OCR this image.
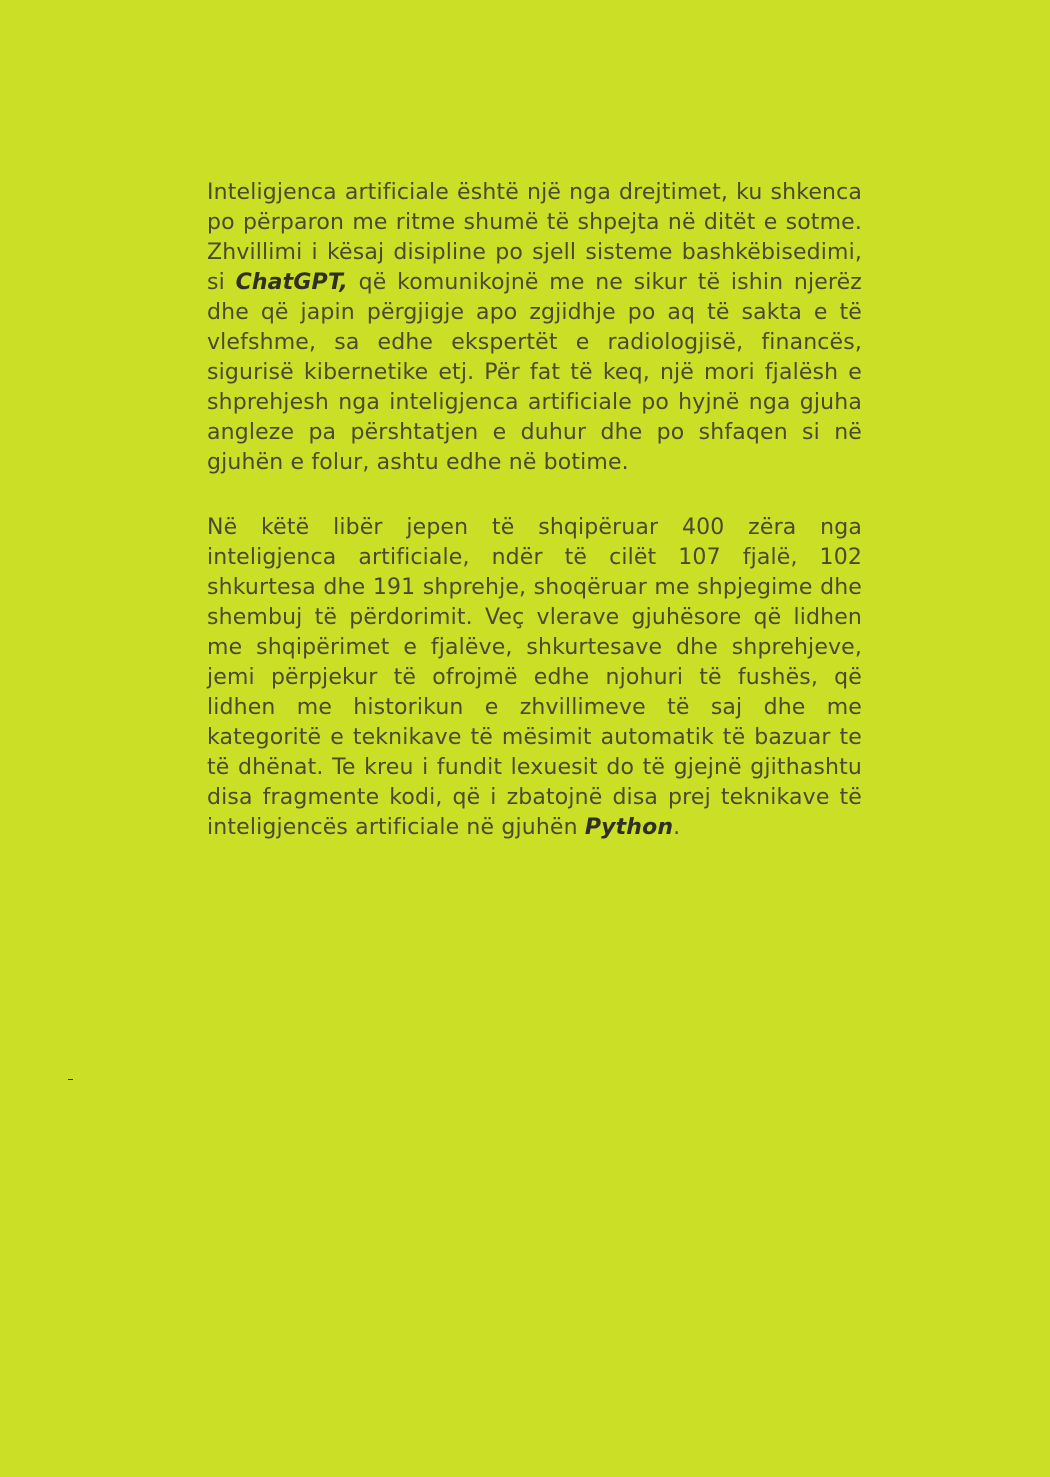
Inteligjenca artificiale është një nga drejtimet, ku shkenca po përparon me ritme shumë të shpejta në ditët e sotme. Zhvillimi i kësaj disipline po sjell sisteme bashkëbisedimi, si ChatGPT, që komunikojnë me ne sikur të ishin njerëz dhe që japin përgjigje apo zgjidhje po aq të sakta e të vlefshme, sa edhe ekspertët e radiologjisë, financës, sigurisë kibernetike etj. Për fat të keq, një mori fjalësh e shprehjesh nga inteligjenca artificiale po hyjnë nga gjuha angleze pa përshtatjen e duhur dhe po shfaqen si në gjuhën e folur, ashtu edhe në botime.

Në këtë libër jepen të shqipëruar 400 zëra nga inteligjenca artificiale, ndër të cilët 107 fjalë, 102 shkurtesa dhe 191 shprehje, shoqëruar me shpjegime dhe shembuj të përdorimit. Veç vlerave gjuhësore që lidhen me shqipërimet e fjalëve, shkurtesave dhe shprehjeve, jemi përpjekur të ofrojmë edhe njohuri të fushës, që lidhen me historikun e zhvillimeve të saj dhe me kategoritë e teknikave të mësimit automatik të bazuar te të dhënat. Te kreu i fundit lexuesit do të gjejnë gjithashtu disa fragmente kodi, që i zbatojnë disa prej teknikave të inteligjencës artificiale në gjuhën Python.
